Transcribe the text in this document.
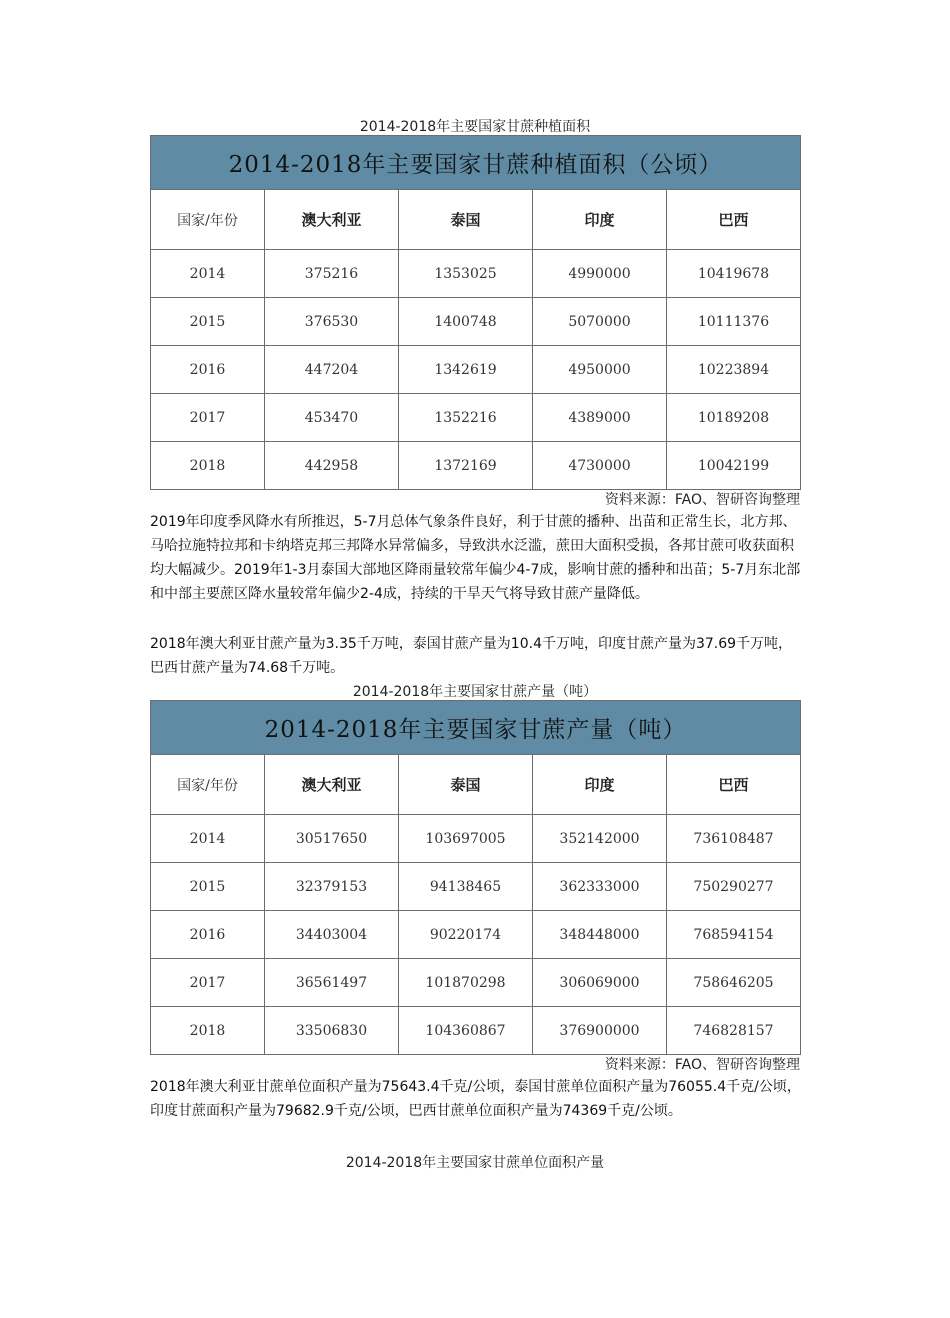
2014-2018年主要国家甘蔗种植面积
2014-2018年主要国家甘蔗种植面积（公顷）				
国家/年份	澳大利亚	泰国	印度	巴西
2014	375216	1353025	4990000	10419678
2015	376530	1400748	5070000	10111376
2016	447204	1342619	4950000	10223894
2017	453470	1352216	4389000	10189208
2018	442958	1372169	4730000	10042199
资料来源：FAO、智研咨询整理

2019年印度季风降水有所推迟，5-7月总体气象条件良好，利于甘蔗的播种、出苗和正常生长，北方邦、马哈拉施特拉邦和卡纳塔克邦三邦降水异常偏多，导致洪水泛滥，蔗田大面积受损，各邦甘蔗可收获面积均大幅减少。2019年1-3月泰国大部地区降雨量较常年偏少4-7成，影响甘蔗的播种和出苗；5-7月东北部和中部主要蔗区降水量较常年偏少2-4成，持续的干旱天气将导致甘蔗产量降低。

2018年澳大利亚甘蔗产量为3.35千万吨，泰国甘蔗产量为10.4千万吨，印度甘蔗产量为37.69千万吨，巴西甘蔗产量为74.68千万吨。

2014-2018年主要国家甘蔗产量（吨）
2014-2018年主要国家甘蔗产量（吨）				
国家/年份	澳大利亚	泰国	印度	巴西
2014	30517650	103697005	352142000	736108487
2015	32379153	94138465	362333000	750290277
2016	34403004	90220174	348448000	768594154
2017	36561497	101870298	306069000	758646205
2018	33506830	104360867	376900000	746828157
资料来源：FAO、智研咨询整理

2018年澳大利亚甘蔗单位面积产量为75643.4千克/公顷，泰国甘蔗单位面积产量为76055.4千克/公顷，印度甘蔗面积产量为79682.9千克/公顷，巴西甘蔗单位面积产量为74369千克/公顷。

2014-2018年主要国家甘蔗单位面积产量
